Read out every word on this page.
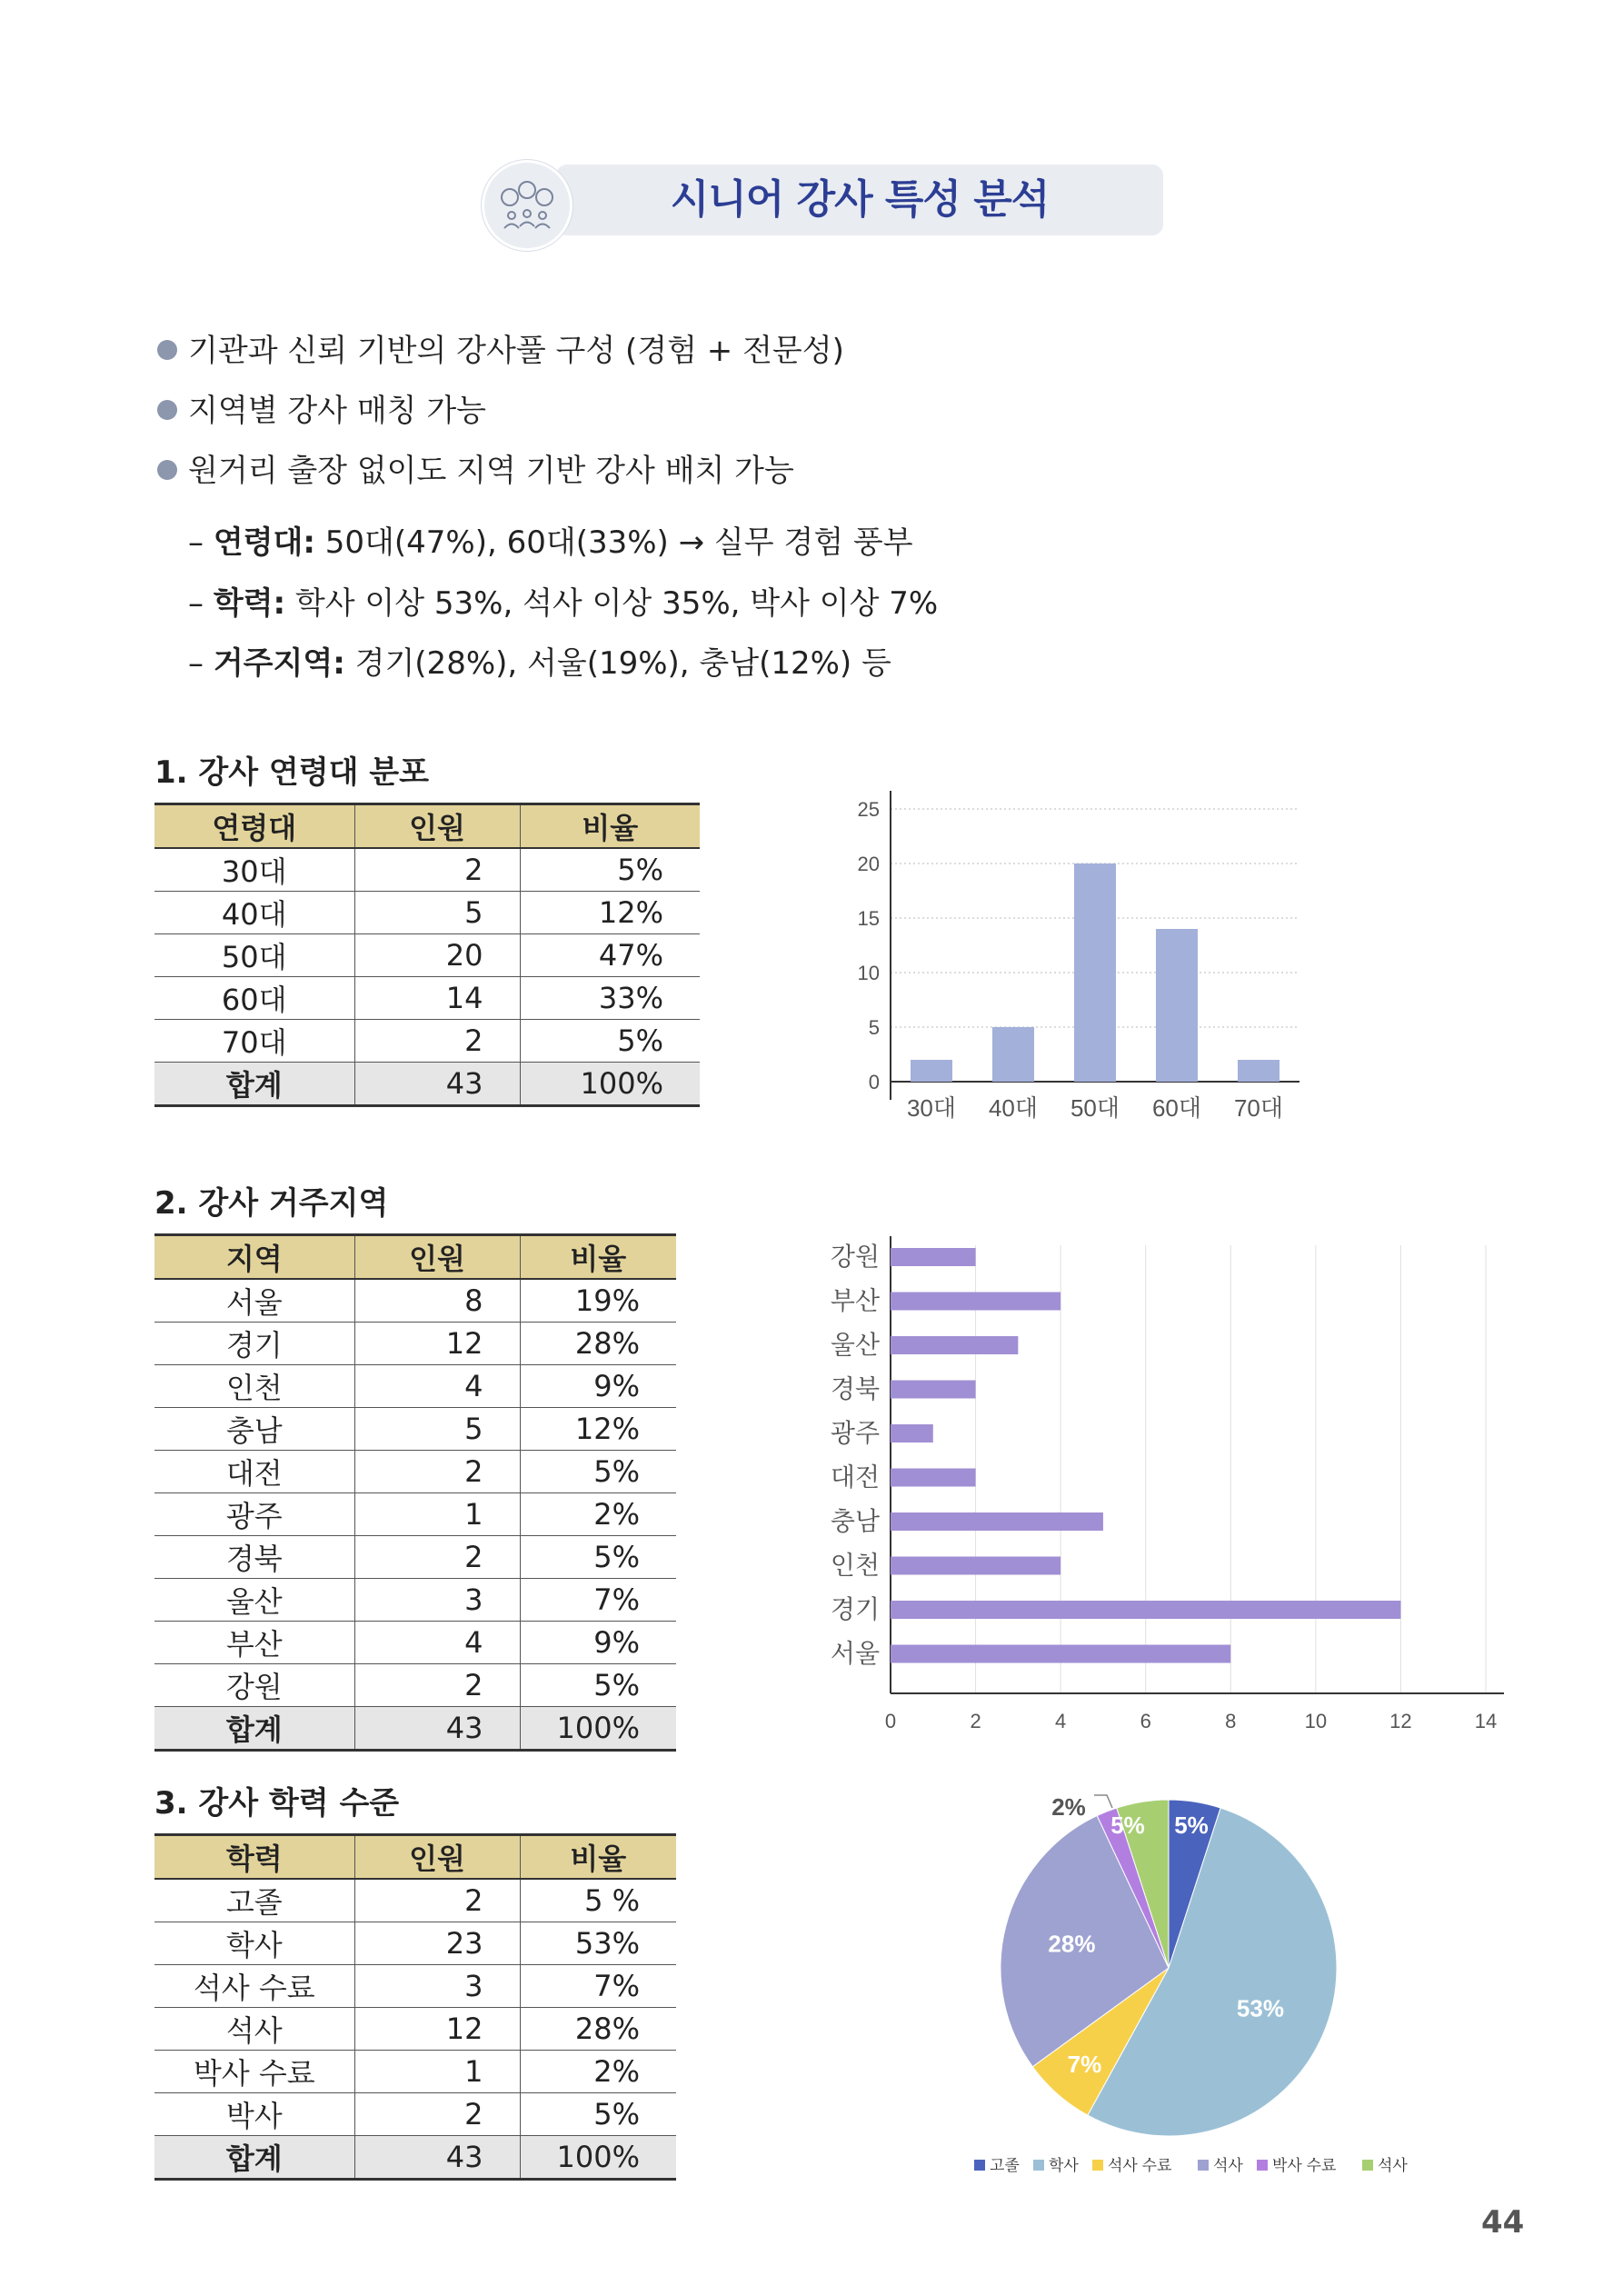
시니어 강사 특성 분석
기관과 신뢰 기반의 강사풀 구성 (경험 + 전문성)
지역별 강사 매칭 가능
원거리 출장 없이도 지역 기반 강사 배치 가능
– 연령대: 50대(47%), 60대(33%) → 실무 경험 풍부
– 학력: 학사 이상 53%, 석사 이상 35%, 박사 이상 7%
– 거주지역: 경기(28%), 서울(19%), 충남(12%) 등
1. 강사 연령대 분포
연령대	인원	비율
30대	2	5%
40대	5	12%
50대	20	47%
60대	14	33%
70대	2	5%
합계	43	100%
2. 강사 거주지역
지역	인원	비율
서울	8	19%
경기	12	28%
인천	4	9%
충남	5	12%
대전	2	5%
광주	1	2%
경북	2	5%
울산	3	7%
부산	4	9%
강원	2	5%
합계	43	100%
3. 강사 학력 수준
학력	인원	비율
고졸	2	5 %
학사	23	53%
석사 수료	3	7%
석사	12	28%
박사 수료	1	2%
박사	2	5%
합계	43	100%
0
5
10
15
20
25
30대 40대 50대 60대 70대
0	2	4	6	8	10	12	14
강원
부산
울산
경북
광주
대전
충남
인천
경기
서울
5%
53%
7%
28%
2%
5%
고졸 학사 석사 수료	석사 박사 수료	석사
44
